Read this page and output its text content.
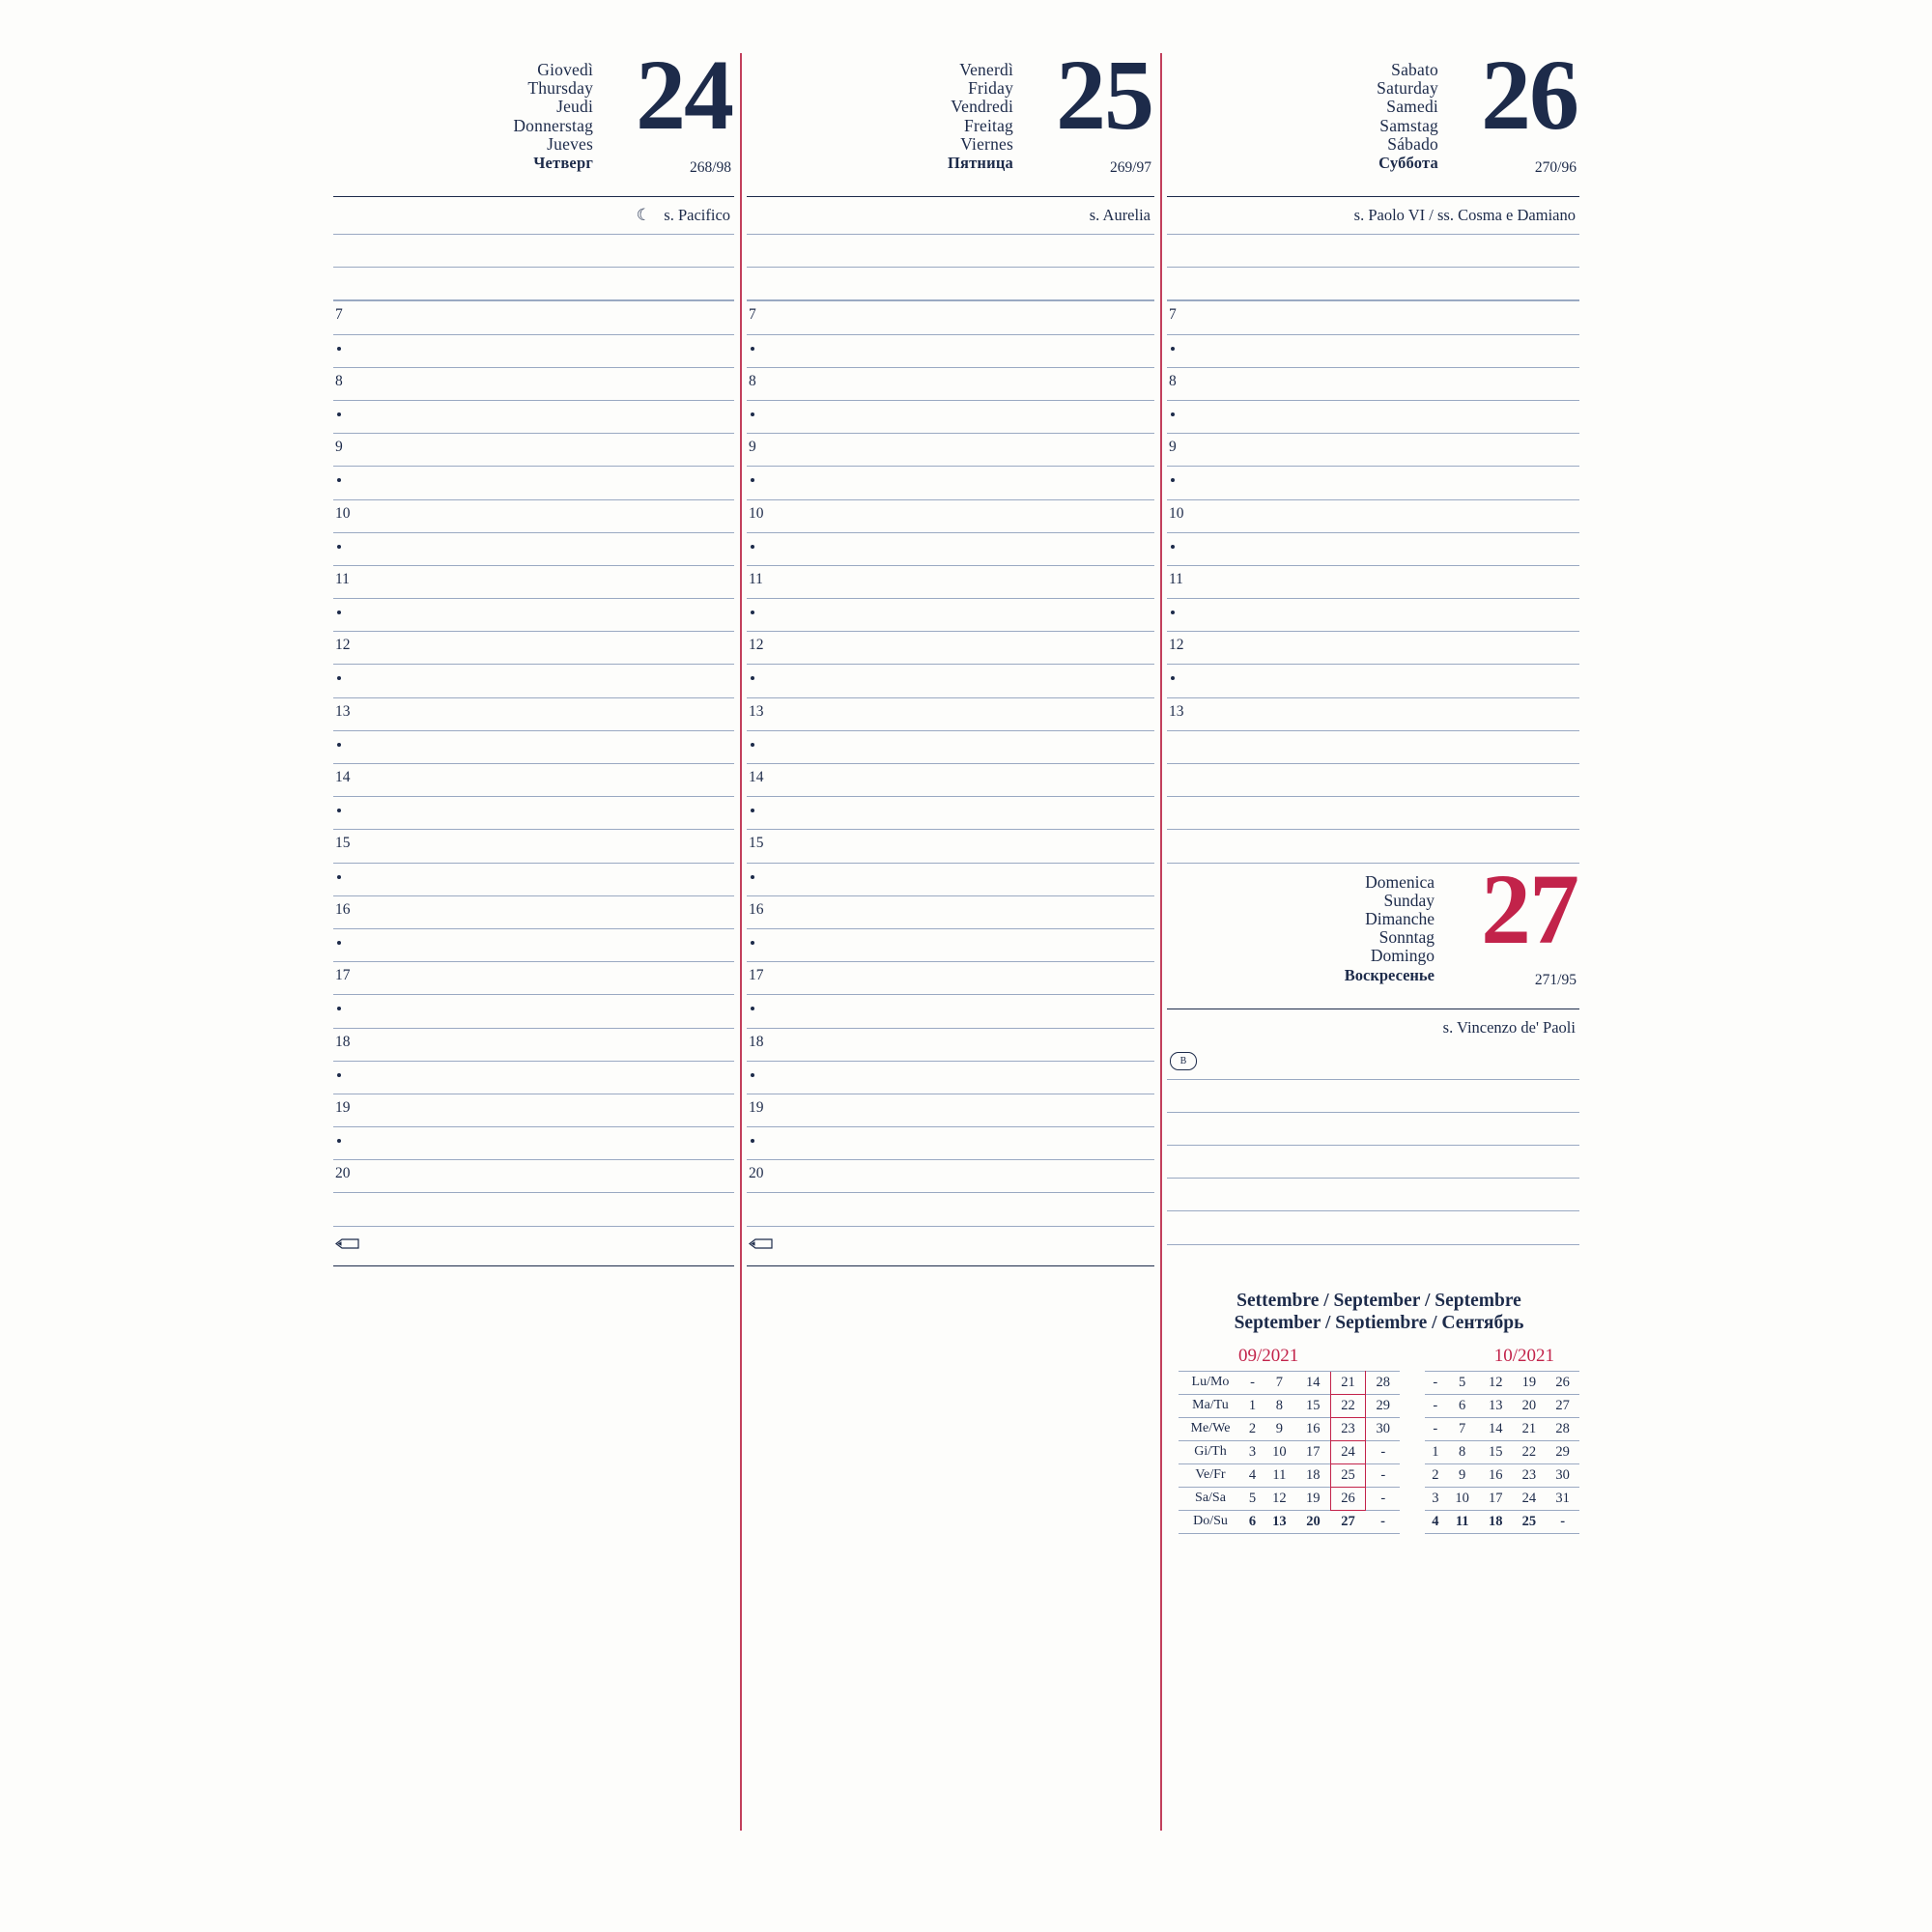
Giovedì
Thursday
Jeudi
Donnerstag
Jueves
Четверг
24
268/98
☾ s. Pacifico
7
8
9
10
11
12
13
14
15
16
17
18
19
20
Venerdì
Friday
Vendredi
Freitag
Viernes
Пятница
25
269/97
s. Aurelia
7
8
9
10
11
12
13
14
15
16
17
18
19
20
Sabato
Saturday
Samedi
Samstag
Sábado
Суббота
26
270/96
s. Paolo VI / ss. Cosma e Damiano
7
8
9
10
11
12
13
Domenica
Sunday
Dimanche
Sonntag
Domingo
Воскресенье
27
271/95
s. Vincenzo de' Paoli
B
Settembre / September / Septembre
September / Septiembre / Сентябрь
09/2021	10/2021
Lu/Mo	-	7	14	21	28		-	5	12	19	26
Ma/Tu	1	8	15	22	29		-	6	13	20	27
Me/We	2	9	16	23	30		-	7	14	21	28
Gi/Th	3	10	17	24	-		1	8	15	22	29
Ve/Fr	4	11	18	25	-		2	9	16	23	30
Sa/Sa	5	12	19	26	-		3	10	17	24	31
Do/Su	6	13	20	27	-		4	11	18	25	-
